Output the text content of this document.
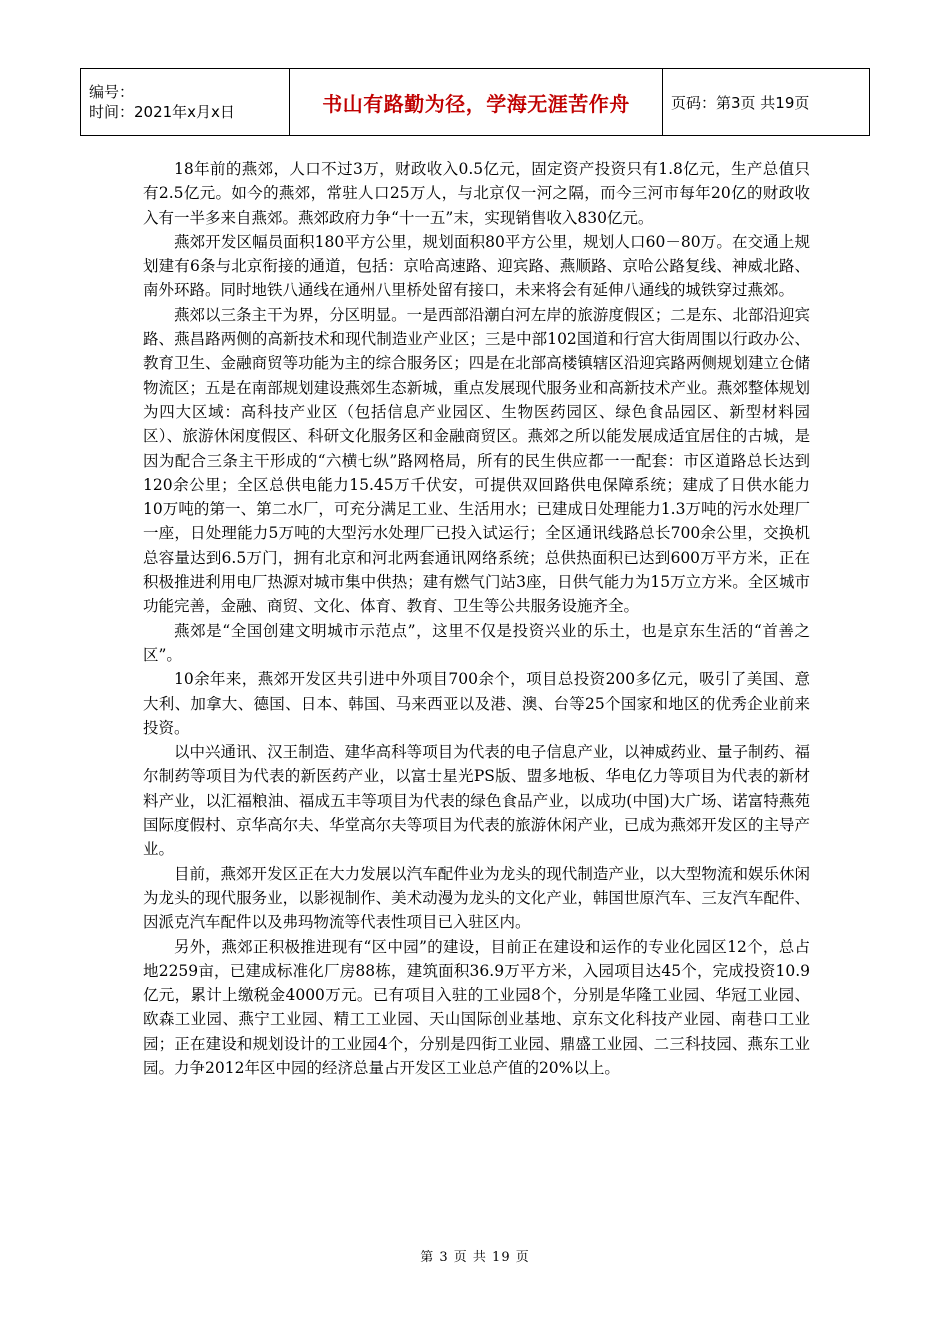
编号：
时间：2021年x月x日	书山有路勤为径，学海无涯苦作舟	页码：第3页 共19页

18年前的燕郊，人口不过3万，财政收入0.5亿元，固定资产投资只有1.8亿元，生产总值只有2.5亿元。如今的燕郊，常驻人口25万人，与北京仅一河之隔，而今三河市每年20亿的财政收入有一半多来自燕郊。燕郊政府力争“十一五”末，实现销售收入830亿元。

燕郊开发区幅员面积180平方公里，规划面积80平方公里，规划人口60－80万。在交通上规划建有6条与北京衔接的通道，包括：京哈高速路、迎宾路、燕顺路、京哈公路复线、神威北路、南外环路。同时地铁八通线在通州八里桥处留有接口，未来将会有延伸八通线的城铁穿过燕郊。

燕郊以三条主干为界，分区明显。一是西部沿潮白河左岸的旅游度假区；二是东、北部沿迎宾路、燕昌路两侧的高新技术和现代制造业产业区；三是中部102国道和行宫大街周围以行政办公、教育卫生、金融商贸等功能为主的综合服务区；四是在北部高楼镇辖区沿迎宾路两侧规划建立仓储物流区；五是在南部规划建设燕郊生态新城，重点发展现代服务业和高新技术产业。燕郊整体规划为四大区域：高科技产业区（包括信息产业园区、生物医药园区、绿色食品园区、新型材料园区）、旅游休闲度假区、科研文化服务区和金融商贸区。燕郊之所以能发展成适宜居住的古城，是因为配合三条主干形成的“六横七纵”路网格局，所有的民生供应都一一配套：市区道路总长达到120余公里；全区总供电能力15.45万千伏安，可提供双回路供电保障系统；建成了日供水能力10万吨的第一、第二水厂，可充分满足工业、生活用水；已建成日处理能力1.3万吨的污水处理厂一座，日处理能力5万吨的大型污水处理厂已投入试运行；全区通讯线路总长700余公里，交换机总容量达到6.5万门，拥有北京和河北两套通讯网络系统；总供热面积已达到600万平方米，正在积极推进利用电厂热源对城市集中供热；建有燃气门站3座，日供气能力为15万立方米。全区城市功能完善，金融、商贸、文化、体育、教育、卫生等公共服务设施齐全。

燕郊是“全国创建文明城市示范点”，这里不仅是投资兴业的乐土，也是京东生活的“首善之区”。

10余年来，燕郊开发区共引进中外项目700余个，项目总投资200多亿元，吸引了美国、意大利、加拿大、德国、日本、韩国、马来西亚以及港、澳、台等25个国家和地区的优秀企业前来投资。

以中兴通讯、汉王制造、建华高科等项目为代表的电子信息产业，以神威药业、量子制药、福尔制药等项目为代表的新医药产业，以富士星光PS版、盟多地板、华电亿力等项目为代表的新材料产业，以汇福粮油、福成五丰等项目为代表的绿色食品产业，以成功(中国)大广场、诺富特燕苑国际度假村、京华高尔夫、华堂高尔夫等项目为代表的旅游休闲产业，已成为燕郊开发区的主导产业。

目前，燕郊开发区正在大力发展以汽车配件业为龙头的现代制造产业，以大型物流和娱乐休闲为龙头的现代服务业，以影视制作、美术动漫为龙头的文化产业，韩国世原汽车、三友汽车配件、因派克汽车配件以及弗玛物流等代表性项目已入驻区内。

另外，燕郊正积极推进现有“区中园”的建设，目前正在建设和运作的专业化园区12个，总占地2259亩，已建成标准化厂房88栋，建筑面积36.9万平方米，入园项目达45个，完成投资10.9亿元，累计上缴税金4000万元。已有项目入驻的工业园8个，分别是华隆工业园、华冠工业园、欧森工业园、燕宁工业园、精工工业园、天山国际创业基地、京东文化科技产业园、南巷口工业园；正在建设和规划设计的工业园4个，分别是四街工业园、鼎盛工业园、二三科技园、燕东工业园。力争2012年区中园的经济总量占开发区工业总产值的20%以上。

第 3 页 共 19 页
